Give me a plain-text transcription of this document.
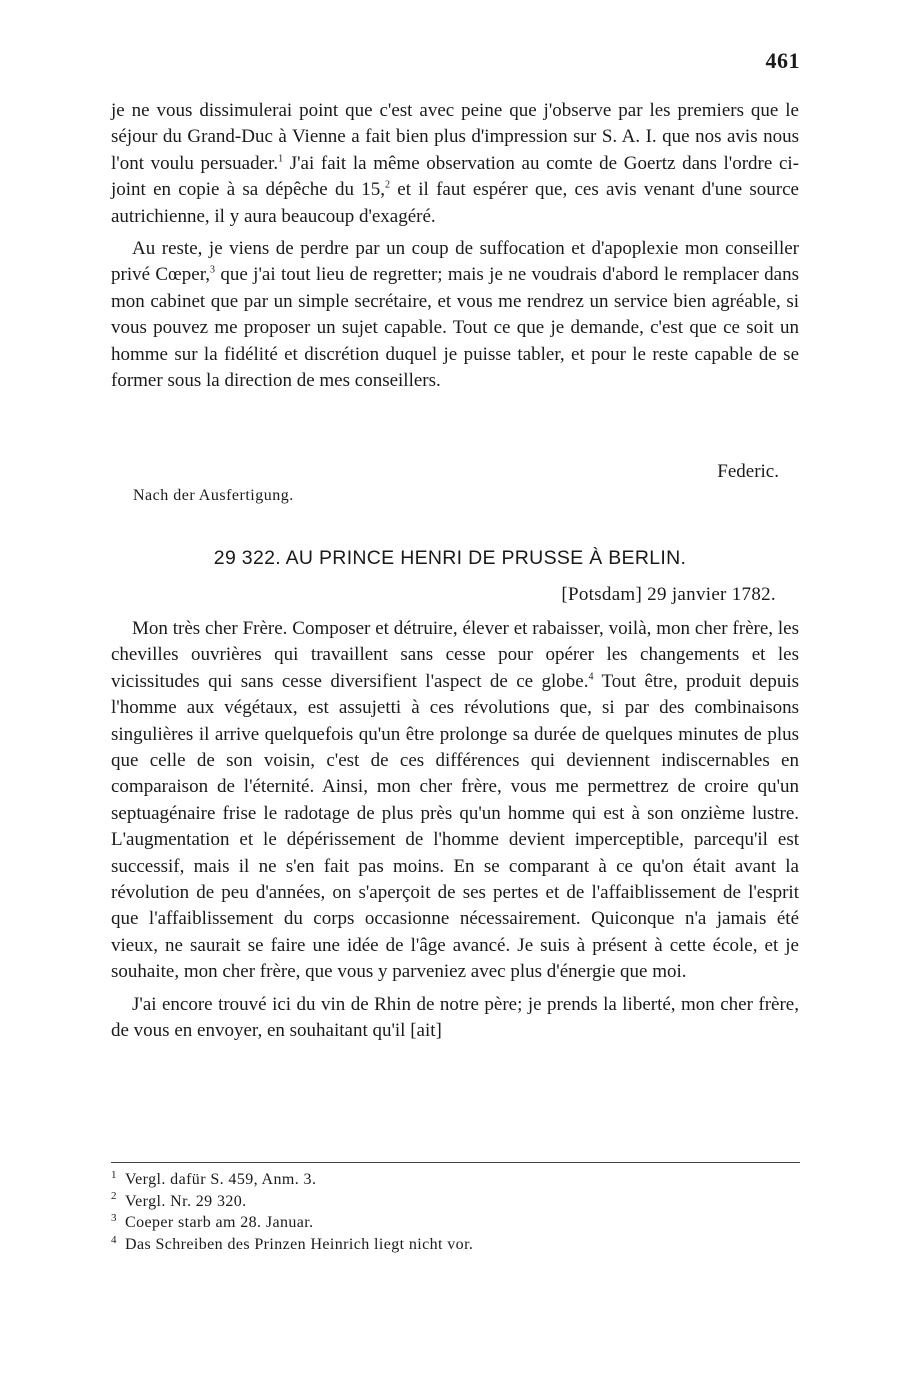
461

je ne vous dissimulerai point que c'est avec peine que j'observe par les premiers que le séjour du Grand-Duc à Vienne a fait bien plus d'impression sur S. A. I. que nos avis nous l'ont voulu persuader.$^1$ J'ai fait la même observation au comte de Goertz dans l'ordre ci-joint en copie à sa dépêche du 15,$^2$ et il faut espérer que, ces avis venant d'une source autrichienne, il y aura beaucoup d'exagéré.

Au reste, je viens de perdre par un coup de suffocation et d'apoplexie mon conseiller privé Cœper,$^3$ que j'ai tout lieu de regretter; mais je ne voudrais d'abord le remplacer dans mon cabinet que par un simple secrétaire, et vous me rendrez un service bien agréable, si vous pouvez me proposer un sujet capable. Tout ce que je demande, c'est que ce soit un homme sur la fidélité et discrétion duquel je puisse tabler, et pour le reste capable de se former sous la direction de mes conseillers.

Federic.
Nach der Ausfertigung.
29 322. AU PRINCE HENRI DE PRUSSE À BERLIN.
[Potsdam] 29 janvier 1782.

Mon très cher Frère. Composer et détruire, élever et rabaisser, voilà, mon cher frère, les chevilles ouvrières qui travaillent sans cesse pour opérer les changements et les vicissitudes qui sans cesse diversifient l'aspect de ce globe.$^4$ Tout être, produit depuis l'homme aux végétaux, est assujetti à ces révolutions que, si par des combinaisons singulières il arrive quelquefois qu'un être prolonge sa durée de quelques minutes de plus que celle de son voisin, c'est de ces différences qui deviennent indiscernables en comparaison de l'éternité. Ainsi, mon cher frère, vous me permettrez de croire qu'un septuagénaire frise le radotage de plus près qu'un homme qui est à son onzième lustre. L'augmentation et le dépérissement de l'homme devient imperceptible, parcequ'il est successif, mais il ne s'en fait pas moins. En se comparant à ce qu'on était avant la révolution de peu d'années, on s'aperçoit de ses pertes et de l'affaiblissement de l'esprit que l'affaiblissement du corps occasionne nécessairement. Quiconque n'a jamais été vieux, ne saurait se faire une idée de l'âge avancé. Je suis à présent à cette école, et je souhaite, mon cher frère, que vous y parveniez avec plus d'énergie que moi.

J'ai encore trouvé ici du vin de Rhin de notre père; je prends la liberté, mon cher frère, de vous en envoyer, en souhaitant qu'il [ait]

1 Vergl. dafür S. 459, Anm. 3.
2 Vergl. Nr. 29 320.
3 Coeper starb am 28. Januar.
4 Das Schreiben des Prinzen Heinrich liegt nicht vor.
